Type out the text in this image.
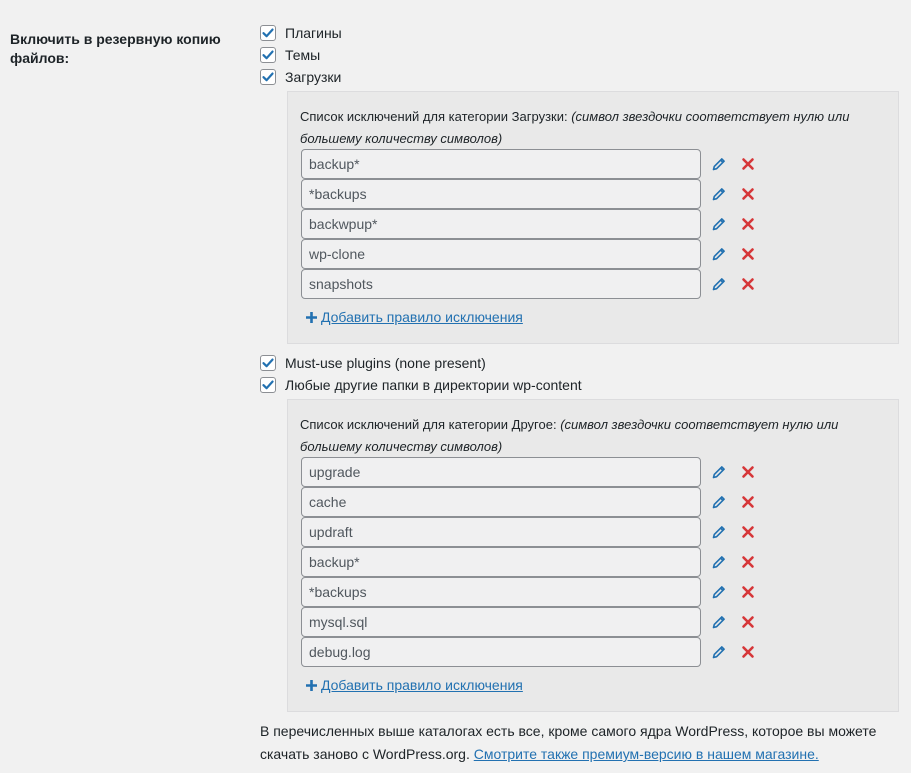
Включить в резервную копию файлов:
Плагины
Темы
Загрузки
Список исключений для категории Загрузки: (символ звездочки соответствует нулю или большему количеству символов)
backup*
*backups
backwpup*
wp-clone
snapshots
Добавить правило исключения
Must-use plugins (none present)
Любые другие папки в директории wp-content
Список исключений для категории Другое: (символ звездочки соответствует нулю или большему количеству символов)
upgrade
cache
updraft
backup*
*backups
mysql.sql
debug.log
Добавить правило исключения
В перечисленных выше каталогах есть все, кроме самого ядра WordPress, которое вы можете скачать заново с WordPress.org. Смотрите также премиум-версию в нашем магазине.
